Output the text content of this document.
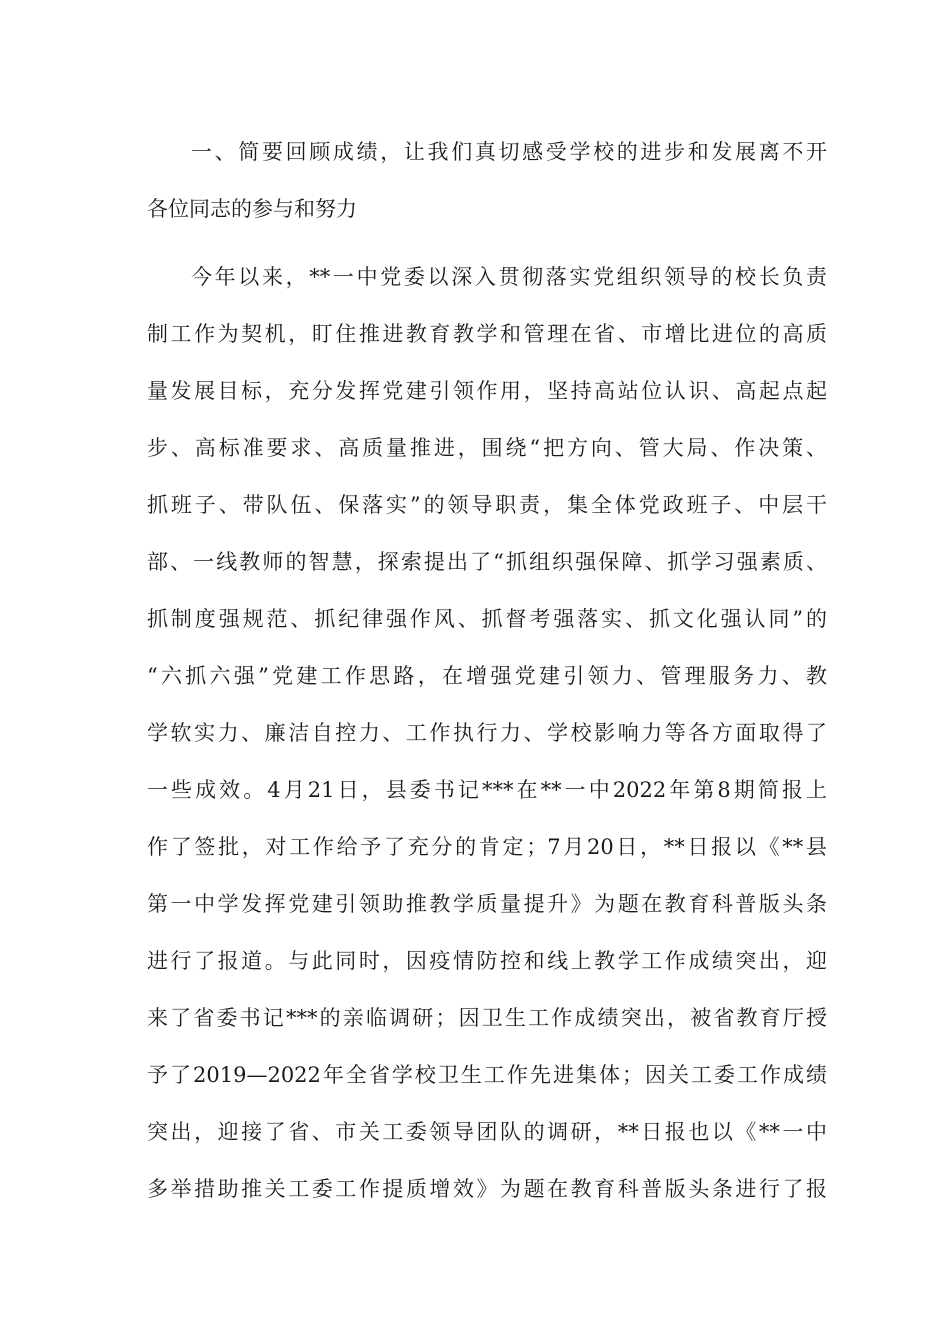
一、简要回顾成绩，让我们真切感受学校的进步和发展离不开

各位同志的参与和努力

今年以来，**一中党委以深入贯彻落实党组织领导的校长负责

制工作为契机，盯住推进教育教学和管理在省、市增比进位的高质

量发展目标，充分发挥党建引领作用，坚持高站位认识、高起点起

步、高标准要求、高质量推进，围绕“把方向、管大局、作决策、

抓班子、带队伍、保落实”的领导职责，集全体党政班子、中层干

部、一线教师的智慧，探索提出了“抓组织强保障、抓学习强素质、

抓制度强规范、抓纪律强作风、抓督考强落实、抓文化强认同”的

“六抓六强”党建工作思路，在增强党建引领力、管理服务力、教

学软实力、廉洁自控力、工作执行力、学校影响力等各方面取得了

一些成效。4月21日，县委书记***在**一中2022年第8期简报上

作了签批，对工作给予了充分的肯定；7月20日，**日报以《**县

第一中学发挥党建引领助推教学质量提升》为题在教育科普版头条

进行了报道。与此同时，因疫情防控和线上教学工作成绩突出，迎

来了省委书记***的亲临调研；因卫生工作成绩突出，被省教育厅授

予了2019—2022年全省学校卫生工作先进集体；因关工委工作成绩

突出，迎接了省、市关工委领导团队的调研，**日报也以《**一中

多举措助推关工委工作提质增效》为题在教育科普版头条进行了报
